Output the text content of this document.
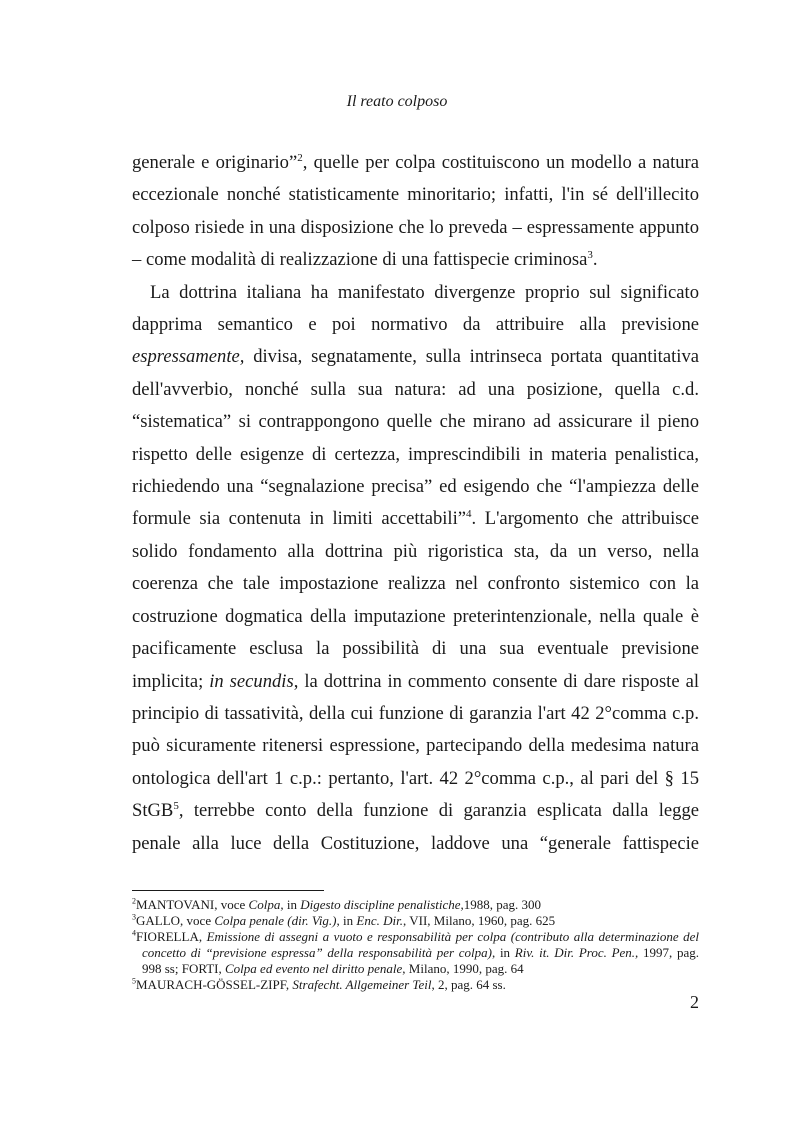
Il reato colposo

generale e originario”$^2$, quelle per colpa costituiscono un modello a natura

eccezionale nonché statisticamente minoritario; infatti, l'in sé dell'illecito

colposo risiede in una disposizione che lo preveda – espressamente appunto

– come modalità di realizzazione di una fattispecie criminosa$^3$.

La dottrina italiana ha manifestato divergenze proprio sul significato

dapprima semantico e poi normativo da attribuire alla previsione

espressamente, divisa, segnatamente, sulla intrinseca portata quantitativa

dell'avverbio, nonché sulla sua natura: ad una posizione, quella c.d.

“sistematica” si contrappongono quelle che mirano ad assicurare il pieno

rispetto delle esigenze di certezza, imprescindibili in materia penalistica,

richiedendo una “segnalazione precisa” ed esigendo che “l'ampiezza delle

formule sia contenuta in limiti accettabili”$^4$. L'argomento che attribuisce

solido fondamento alla dottrina più rigoristica sta, da un verso, nella

coerenza che tale impostazione realizza nel confronto sistemico con la

costruzione dogmatica della imputazione preterintenzionale, nella quale è

pacificamente esclusa la possibilità di una sua eventuale previsione

implicita; in secundis, la dottrina in commento consente di dare risposte al

principio di tassatività, della cui funzione di garanzia l'art 42 2°comma c.p.

può sicuramente ritenersi espressione, partecipando della medesima natura

ontologica dell'art 1 c.p.: pertanto, l'art. 42 2°comma c.p., al pari del § 15

StGB$^5$, terrebbe conto della funzione di garanzia esplicata dalla legge

penale alla luce della Costituzione, laddove una “generale fattispecie

$^2$MANTOVANI, voce Colpa, in Digesto discipline penalistiche,1988, pag. 300
$^3$GALLO, voce Colpa penale (dir. Vig.), in Enc. Dir., VII, Milano, 1960, pag. 625
$^4$FIORELLA, Emissione di assegni a vuoto e responsabilità per colpa (contributo alla determinazione del concetto di “previsione espressa” della responsabilità per colpa), in Riv. it. Dir. Proc. Pen., 1997, pag. 998 ss; FORTI, Colpa ed evento nel diritto penale, Milano, 1990, pag. 64
$^5$MAURACH-GÖSSEL-ZIPF, Strafecht. Allgemeiner Teil, 2, pag. 64 ss.
2
